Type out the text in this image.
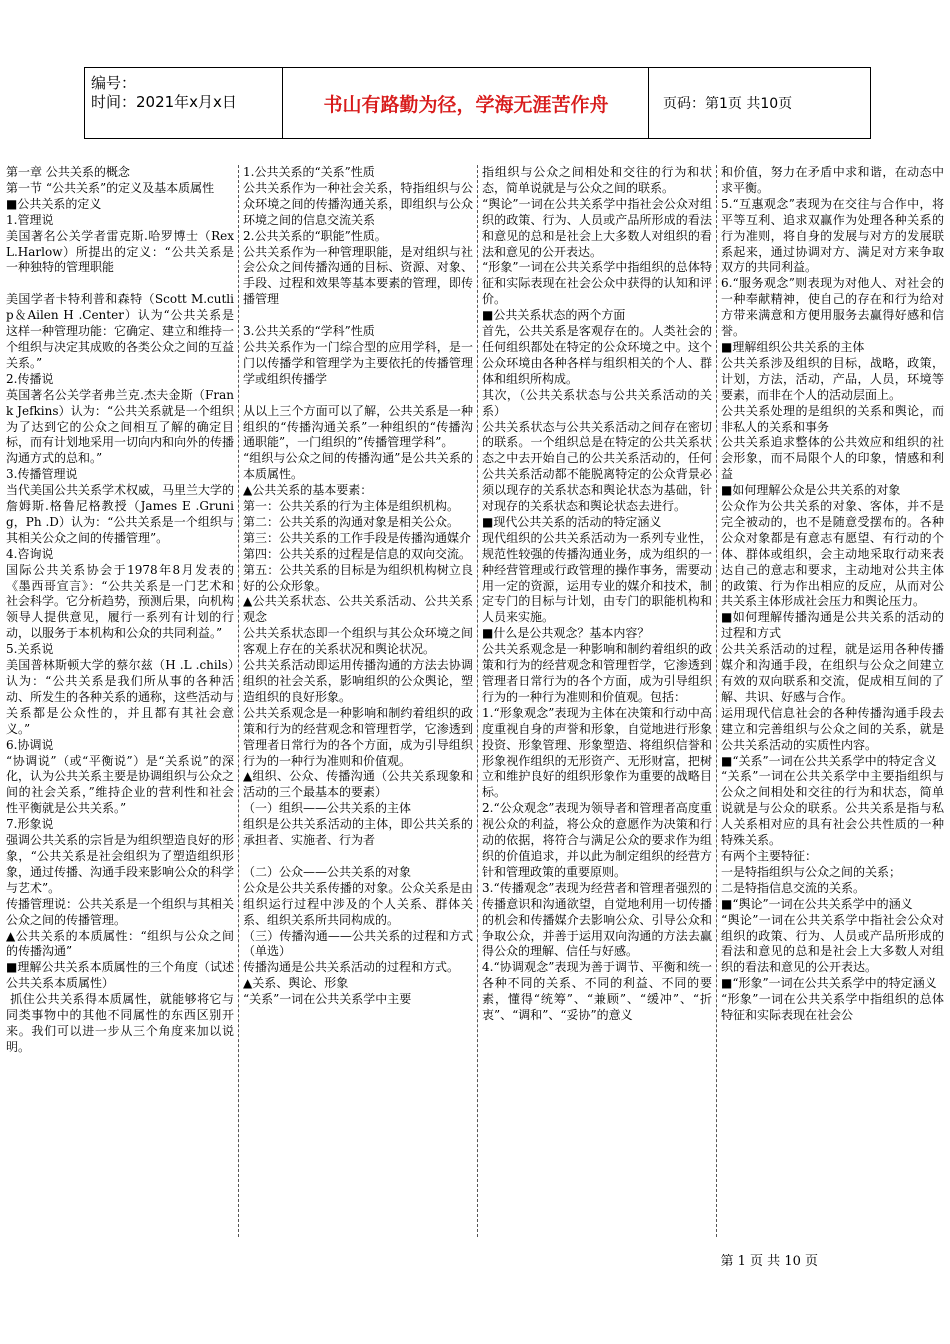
编号：
时间：2021年x月x日	书山有路勤为径，学海无涯苦作舟	页码：第1页 共10页

第一章 公共关系的概念

第一节 “公共关系”的定义及基本质属性

■公共关系的定义

1.管理说

美国著名公关学者雷克斯.哈罗博士（Rex L.Harlow）所提出的定义：“公共关系是一种独特的管理职能

美国学者卡特利普和森特（Scott M.cutlip＆Ailen H .Center）认为“公共关系是这样一种管理功能：它确定、建立和维持一个组织与决定其成败的各类公众之间的互益关系。”

2.传播说

英国著名公关学者弗兰克.杰夫金斯（Frank Jefkins）认为：“公共关系就是一个组织为了达到它的公众之间相互了解的确定目标，而有计划地采用一切向内和向外的传播沟通方式的总和。”

3.传播管理说

当代美国公共关系学术权威，马里兰大学的詹姆斯.格鲁尼格教授（James E .Grunig，Ph .D）认为：“公共关系是一个组织与其相关公众之间的传播管理”。

4.咨询说

国际公共关系协会于1978年8月发表的《墨西哥宣言》：“公共关系是一门艺术和社会科学。它分析趋势，预测后果，向机构领导人提供意见，履行一系列有计划的行动，以服务于本机构和公众的共同利益。”

5.关系说

美国普林斯顿大学的蔡尔兹（H .L .chils）认为：“公共关系是我们所从事的各种活动、所发生的各种关系的通称，这些活动与关系都是公众性的，并且都有其社会意义。”

6.协调说

“协调说”（或“平衡说”）是“关系说”的深化，认为公共关系主要是协调组织与公众之间的社会关系，”维持企业的营利性和社会性平衡就是公共关系。”

7.形象说

强调公共关系的宗旨是为组织塑造良好的形象，“公共关系是社会组织为了塑造组织形象，通过传播、沟通手段来影响公众的科学与艺术”。

传播管理说：公共关系是一个组织与其相关公众之间的传播管理。

▲公共关系的本质属性：“组织与公众之间的传播沟通”

■理解公共关系本质属性的三个角度（试述公共关系本质属性）

抓住公共关系得本质属性，就能够将它与同类事物中的其他不同属性的东西区别开来。我们可以进一步从三个角度来加以说明。

1.公共关系的“关系”性质

公共关系作为一种社会关系，特指组织与公众环境之间的传播沟通关系，即组织与公众环境之间的信息交流关系

2.公共关系的“职能”性质。

公共关系作为一种管理职能，是对组织与社会公众之间传播沟通的目标、资源、对象、手段、过程和效果等基本要素的管理，即传播管理

3.公共关系的“学科”性质

公共关系作为一门综合型的应用学科，是一门以传播学和管理学为主要依托的传播管理学或组织传播学

从以上三个方面可以了解，公共关系是一种组织的“传播沟通关系”一种组织的“传播沟通职能”，一门组织的”传播管理学科”。

“组织与公众之间的传播沟通”是公共关系的本质属性。

▲公共关系的基本要素：

第一：公共关系的行为主体是组织机构。

第二：公共关系的沟通对象是相关公众。

第三：公共关系的工作手段是传播沟通媒介

第四：公共关系的过程是信息的双向交流。

第五：公共关系的目标是为组织机构树立良好的公众形象。

▲公共关系状态、公共关系活动、公共关系观念

公共关系状态即一个组织与其公众环境之间客观上存在的关系状况和舆论状况。

公共关系活动即运用传播沟通的方法去协调组织的社会关系，影响组织的公众舆论，塑造组织的良好形象。

公共关系观念是一种影响和制约着组织的政策和行为的经营观念和管理哲学，它渗透到管理者日常行为的各个方面，成为引导组织行为的一种行为准则和价值观。

▲组织、公众、传播沟通（公共关系现象和活动的三个最基本的要素）

（一）组织——公共关系的主体

组织是公共关系活动的主体，即公共关系的承担者、实施者、行为者

（二）公众——公共关系的对象

公众是公共关系传播的对象。公众关系是由组织运行过程中涉及的个人关系、群体关系、组织关系所共同构成的。

（三）传播沟通——公共关系的过程和方式（单选）

传播沟通是公共关系活动的过程和方式。

▲关系、舆论、形象

“关系”一词在公共关系学中主要

指组织与公众之间相处和交往的行为和状态，简单说就是与公众之间的联系。

“舆论”一词在公共关系学中指社会公众对组织的政策、行为、人员或产品所形成的看法和意见的总和是社会上大多数人对组织的看法和意见的公开表达。

“形象”一词在公共关系学中指组织的总体特征和实际表现在社会公众中获得的认知和评价。

■公共关系状态的两个方面

首先，公共关系是客观存在的。人类社会的任何组织都处在特定的公众环境之中。这个公众环境由各种各样与组织相关的个人、群体和组织所构成。

其次，（公共关系状态与公共关系活动的关系）

公共关系状态与公共关系活动之间存在密切的联系。一个组织总是在特定的公共关系状态之中去开始自己的公共关系活动的，任何公共关系活动都不能脱离特定的公众背景必须以现存的关系状态和舆论状态为基础，针对现存的关系状态和舆论状态去进行。

■现代公共关系的活动的特定涵义

现代组织的公共关系活动为一系列专业性，规范性较强的传播沟通业务，成为组织的一种经营管理或行政管理的操作事务，需要动用一定的资源，运用专业的媒介和技术，制定专门的目标与计划，由专门的职能机构和人员来实施。

■什么是公共观念？基本内容？

公共关系观念是一种影响和制约着组织的政策和行为的经营观念和管理哲学，它渗透到管理者日常行为的各个方面，成为引导组织行为的一种行为准则和价值观。包括：

1.“形象观念”表现为主体在决策和行动中高度重视自身的声誉和形象，自觉地进行形象投资、形象管理、形象塑造、将组织信誉和形象视作组织的无形资产、无形财富，把树立和维护良好的组织形象作为重要的战略目标。

2.“公众观念”表现为领导者和管理者高度重视公众的利益，将公众的意愿作为决策和行动的依据，将符合与满足公众的要求作为组织的价值追求，并以此为制定组织的经营方针和管理政策的重要原则。

3.“传播观念”表现为经营者和管理者强烈的传播意识和沟通欲望，自觉地利用一切传播的机会和传播媒介去影响公众、引导公众和争取公众，并善于运用双向沟通的方法去赢得公众的理解、信任与好感。

4.“协调观念”表现为善于调节、平衡和统一各种不同的关系、不同的利益、不同的要素，懂得“统筹”、“兼顾”、“缓冲”、“折衷”、“调和”、“妥协”的意义

和价值，努力在矛盾中求和谐，在动态中求平衡。

5.“互惠观念”表现为在交往与合作中，将平等互利、追求双赢作为处理各种关系的行为准则，将自身的发展与对方的发展联系起来，通过协调对方、满足对方来争取双方的共同利益。

6.“服务观念”则表现为对他人、对社会的一种奉献精神，使自己的存在和行为给对方带来满意和方便用服务去赢得好感和信誉。

■理解组织公共关系的主体

公共关系涉及组织的目标，战略，政策，计划，方法，活动，产品，人员，环境等要素，而非在个人的活动层面上。

公共关系处理的是组织的关系和舆论，而非私人的关系和事务

公共关系追求整体的公共效应和组织的社会形象，而不局限个人的印象，情感和利益

■如何理解公众是公共关系的对象

公众作为公共关系的对象、客体，并不是完全被动的，也不是随意受摆布的。各种公众对象都是有意志有愿望、有行动的个体、群体或组织，会主动地采取行动来表达自己的意志和要求，主动地对公共主体的政策、行为作出相应的反应，从而对公共关系主体形成社会压力和舆论压力。

■如何理解传播沟通是公共关系的活动的过程和方式

公共关系活动的过程，就是运用各种传播媒介和沟通手段，在组织与公众之间建立有效的双向联系和交流，促成相互间的了解、共识、好感与合作。

运用现代信息社会的各种传播沟通手段去建立和完善组织与公众之间的关系，就是公共关系活动的实质性内容。

■“关系”一词在公共关系学中的特定含义

“关系”一词在公共关系学中主要指组织与公众之间相处和交往的行为和状态，简单说就是与公众的联系。公共关系是指与私人关系相对应的具有社会公共性质的一种特殊关系。

有两个主要特征：

一是特指组织与公众之间的关系；

二是特指信息交流的关系。

■“舆论”一词在公共关系学中的涵义

“舆论”一词在公共关系学中指社会公众对组织的政策、行为、人员或产品所形成的看法和意见的总和是社会上大多数人对组织的看法和意见的公开表达。

■“形象”一词在公共关系学中的特定涵义

“形象”一词在公共关系学中指组织的总体特征和实际表现在社会公

第 1 页 共 10 页
